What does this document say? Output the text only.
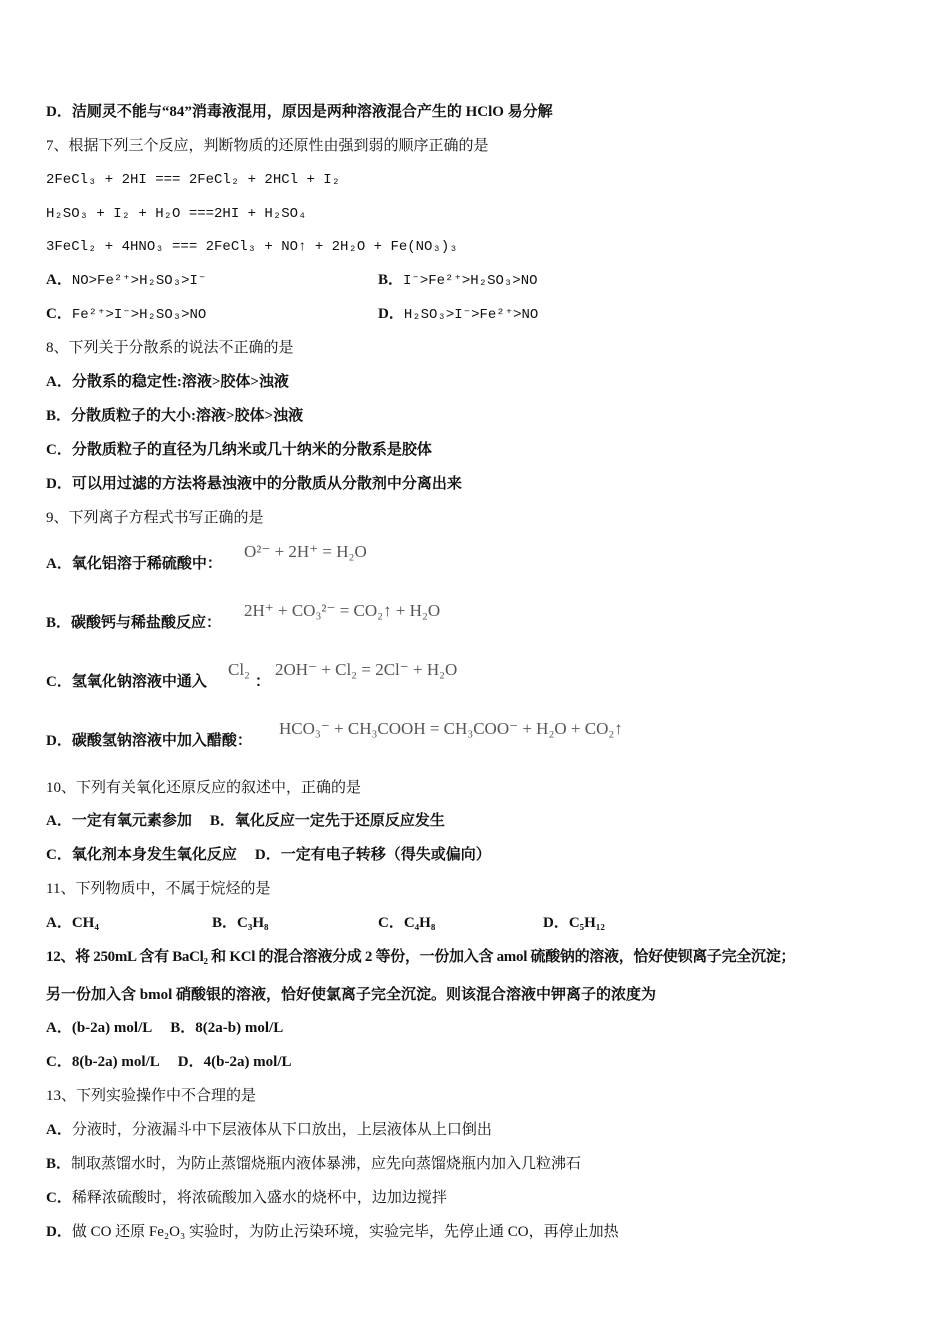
D．洁厕灵不能与“84”消毒液混用，原因是两种溶液混合产生的 HClO 易分解
7、根据下列三个反应，判断物质的还原性由强到弱的顺序正确的是
2FeCl₃ + 2HI === 2FeCl₂ + 2HCl + I₂
H₂SO₃ + I₂ + H₂O ===2HI + H₂SO₄
3FeCl₂ + 4HNO₃ === 2FeCl₃ + NO↑ + 2H₂O + Fe(NO₃)₃
A．NO>Fe²⁺>H₂SO₃>I⁻	B．I⁻>Fe²⁺>H₂SO₃>NO
C．Fe²⁺>I⁻>H₂SO₃>NO	D．H₂SO₃>I⁻>Fe²⁺>NO
8、下列关于分散系的说法不正确的是
A．分散系的稳定性:溶液>胶体>浊液
B．分散质粒子的大小:溶液>胶体>浊液
C．分散质粒子的直径为几纳米或几十纳米的分散系是胶体
D．可以用过滤的方法将悬浊液中的分散质从分散剂中分离出来
9、下列离子方程式书写正确的是
A．氧化铝溶于稀硫酸中：
O²⁻ + 2H⁺ = H₂O
B．碳酸钙与稀盐酸反应：
2H⁺ + CO₃²⁻ = CO₂↑ + H₂O
C．氢氧化钠溶液中通入
Cl₂
：
2OH⁻ + Cl₂ = 2Cl⁻ + H₂O
D．碳酸氢钠溶液中加入醋酸：
HCO₃⁻ + CH₃COOH = CH₃COO⁻ + H₂O + CO₂↑
10、下列有关氧化还原反应的叙述中，正确的是
A．一定有氧元素参加 B．氧化反应一定先于还原反应发生
C．氧化剂本身发生氧化反应 D．一定有电子转移（得失或偏向）
11、下列物质中，不属于烷烃的是
A．CH₄	B．C₃H₈	C．C₄H₈	D．C₅H₁₂
12、将 250mL 含有 BaCl₂ 和 KCl 的混合溶液分成 2 等份，一份加入含 amol 硫酸钠的溶液，恰好使钡离子完全沉淀；
另一份加入含 bmol 硝酸银的溶液，恰好使氯离子完全沉淀。则该混合溶液中钾离子的浓度为
A．(b-2a) mol/L B．8(2a-b) mol/L
C．8(b-2a) mol/L D．4(b-2a) mol/L
13、下列实验操作中不合理的是
A．分液时，分液漏斗中下层液体从下口放出，上层液体从上口倒出
B．制取蒸馏水时，为防止蒸馏烧瓶内液体暴沸，应先向蒸馏烧瓶内加入几粒沸石
C．稀释浓硫酸时，将浓硫酸加入盛水的烧杯中，边加边搅拌
D．做 CO 还原 Fe₂O₃ 实验时，为防止污染环境，实验完毕，先停止通 CO，再停止加热
